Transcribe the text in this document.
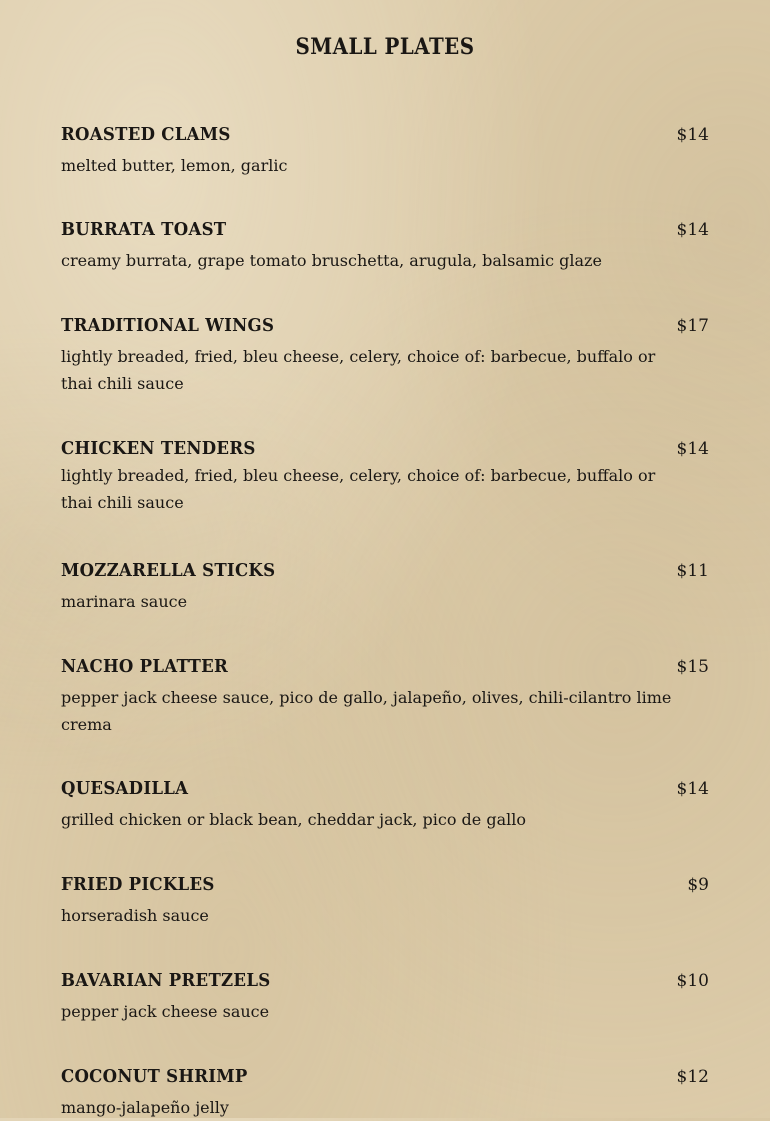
SMALL PLATES
ROASTED CLAMS	$14
melted butter, lemon, garlic
BURRATA TOAST	$14
creamy burrata, grape tomato bruschetta, arugula, balsamic glaze
TRADITIONAL WINGS	$17
lightly breaded, fried, bleu cheese, celery, choice of: barbecue, buffalo or thai chili sauce
CHICKEN TENDERS	$14
lightly breaded, fried, bleu cheese, celery, choice of: barbecue, buffalo or thai chili sauce
MOZZARELLA STICKS	$11
marinara sauce
NACHO PLATTER	$15
pepper jack cheese sauce, pico de gallo, jalapeño, olives, chili-cilantro lime crema
QUESADILLA	$14
grilled chicken or black bean, cheddar jack, pico de gallo
FRIED PICKLES	$9
horseradish sauce
BAVARIAN PRETZELS	$10
pepper jack cheese sauce
COCONUT SHRIMP	$12
mango-jalapeño jelly
